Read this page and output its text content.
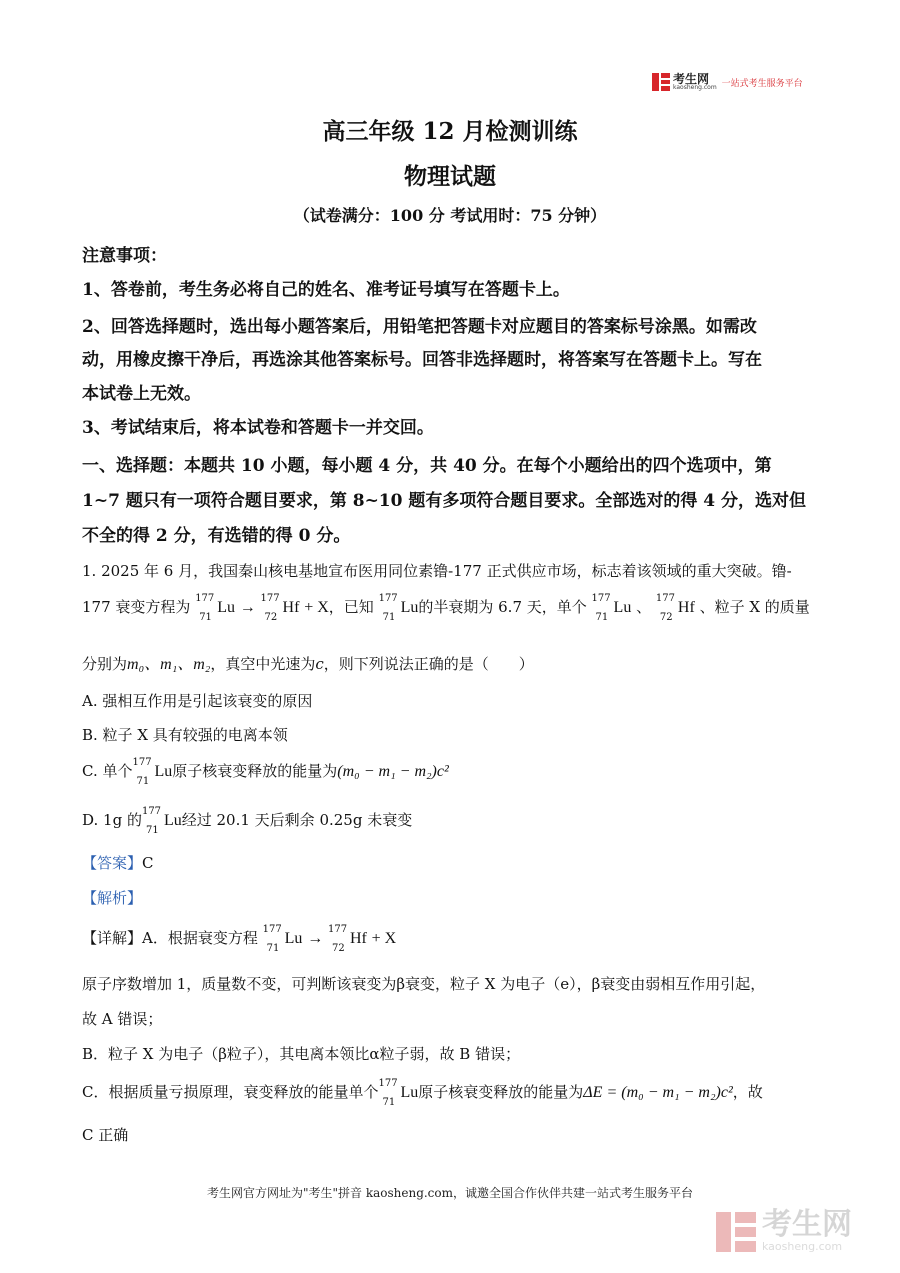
考生网
kaosheng.com 一站式考生服务平台
高三年级 12 月检测训练
物理试题
（试卷满分：100 分 考试用时：75 分钟）
注意事项：
1、答卷前，考生务必将自己的姓名、准考证号填写在答题卡上。
2、回答选择题时，选出每小题答案后，用铅笔把答题卡对应题目的答案标号涂黑。如需改
动，用橡皮擦干净后，再选涂其他答案标号。回答非选择题时，将答案写在答题卡上。写在
本试卷上无效。
3、考试结束后，将本试卷和答题卡一并交回。
一、选择题：本题共 10 小题，每小题 4 分，共 40 分。在每个小题给出的四个选项中，第
1~7 题只有一项符合题目要求，第 8~10 题有多项符合题目要求。全部选对的得 4 分，选对但
不全的得 2 分，有选错的得 0 分。
1. 2025 年 6 月，我国秦山核电基地宣布医用同位素镥-177 正式供应市场，标志着该领域的重大突破。镥-
177 衰变方程为 177
71
Lu →
177
72
Hf + X，已知 177
71
Lu的半衰期为 6.7 天，单个 177
71
Lu 、 177
72
Hf 、粒子 X 的质量
分别为m₀、m₁、m₂，真空中光速为c，则下列说法正确的是（　　）
A. 强相互作用是引起该衰变的原因
B. 粒子 X 具有较强的电离本领
C. 单个 177
71
Lu原子核衰变释放的能量为(m₀ − m₁ − m₂)c²
D. 1g 的 177
71
Lu经过 20.1 天后剩余 0.25g 未衰变
【答案】C
【解析】
【详解】A．根据衰变方程 177
71
Lu →
177
72
Hf + X
原子序数增加 1，质量数不变，可判断该衰变为β衰变，粒子 X 为电子（e），β衰变由弱相互作用引起，
故 A 错误；
B．粒子 X 为电子（β粒子），其电离本领比α粒子弱，故 B 错误；
C．根据质量亏损原理，衰变释放的能量单个 177
71
Lu原子核衰变释放的能量为ΔE = (m₀ − m₁ − m₂)c²，故
C 正确
考生网官方网址为"考生"拼音 kaosheng.com，诚邀全国合作伙伴共建一站式考生服务平台
考生网
kaosheng.com
